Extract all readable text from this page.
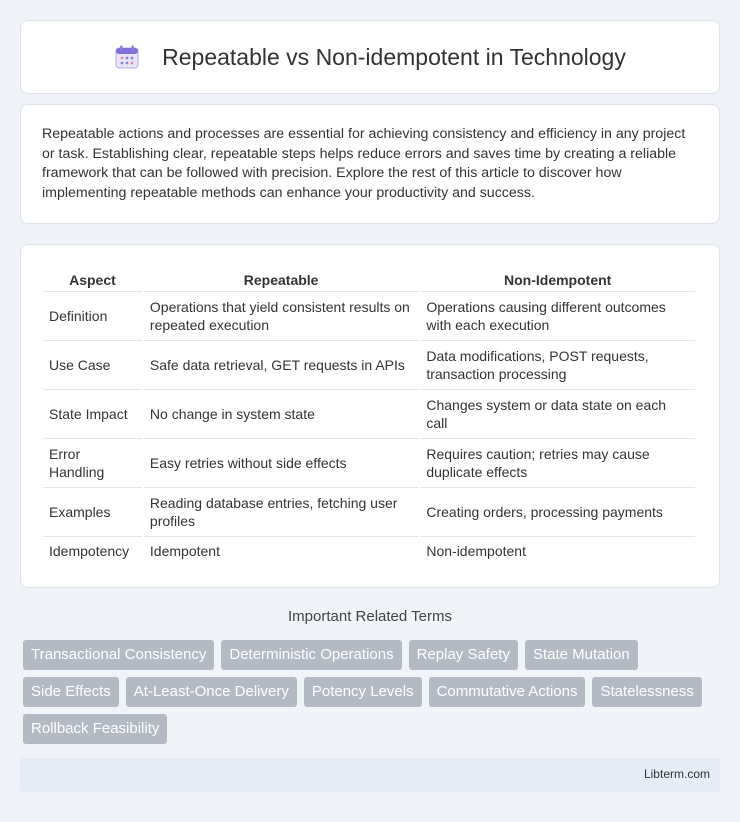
Repeatable vs Non-idempotent in Technology

Repeatable actions and processes are essential for achieving consistency and efficiency in any project or task. Establishing clear, repeatable steps helps reduce errors and saves time by creating a reliable framework that can be followed with precision. Explore the rest of this article to discover how implementing repeatable methods can enhance your productivity and success.

Aspect	Repeatable	Non-Idempotent
Definition	Operations that yield consistent results on repeated execution	Operations causing different outcomes with each execution
Use Case	Safe data retrieval, GET requests in APIs	Data modifications, POST requests, transaction processing
State Impact	No change in system state	Changes system or data state on each call
Error Handling	Easy retries without side effects	Requires caution; retries may cause duplicate effects
Examples	Reading database entries, fetching user profiles	Creating orders, processing payments
Idempotency	Idempotent	Non-idempotent
Important Related Terms
Transactional Consistency	Deterministic Operations	Replay Safety	State Mutation
Side Effects	At-Least-Once Delivery	Potency Levels	Commutative Actions	Statelessness
Rollback Feasibility
Libterm.com
